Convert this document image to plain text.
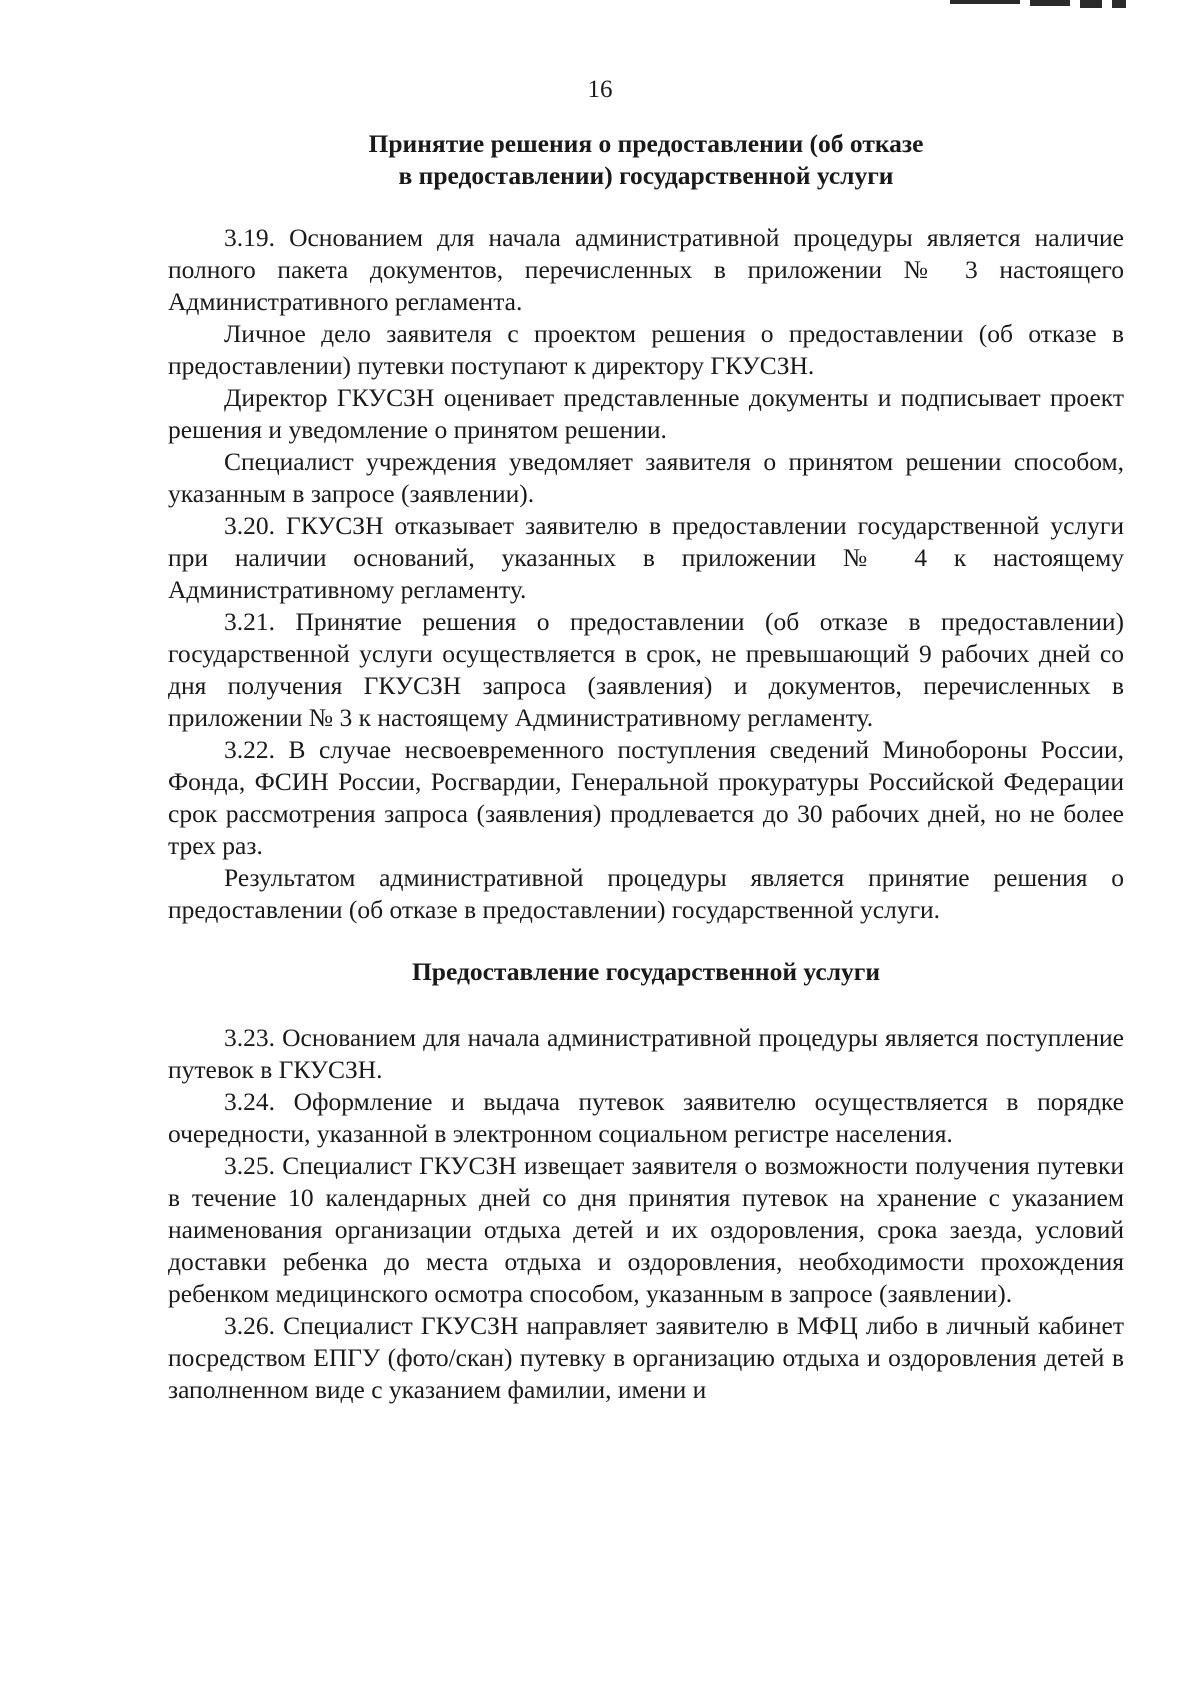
16
Принятие решения о предоставлении (об отказе
в предоставлении) государственной услуги

3.19. Основанием для начала административной процедуры является наличие полного пакета документов, перечисленных в приложении № 3 настоящего Административного регламента.

Личное дело заявителя с проектом решения о предоставлении (об отказе в предоставлении) путевки поступают к директору ГКУСЗН.

Директор ГКУСЗН оценивает представленные документы и подписывает проект решения и уведомление о принятом решении.

Специалист учреждения уведомляет заявителя о принятом решении способом, указанным в запросе (заявлении).

3.20. ГКУСЗН отказывает заявителю в предоставлении государственной услуги при наличии оснований, указанных в приложении № 4 к настоящему Административному регламенту.

3.21. Принятие решения о предоставлении (об отказе в предоставлении) государственной услуги осуществляется в срок, не превышающий 9 рабочих дней со дня получения ГКУСЗН запроса (заявления) и документов, перечисленных в приложении № 3 к настоящему Административному регламенту.

3.22. В случае несвоевременного поступления сведений Минобороны России, Фонда, ФСИН России, Росгвардии, Генеральной прокуратуры Российской Федерации срок рассмотрения запроса (заявления) продлевается до 30 рабочих дней, но не более трех раз.

Результатом административной процедуры является принятие решения о предоставлении (об отказе в предоставлении) государственной услуги.

Предоставление государственной услуги

3.23. Основанием для начала административной процедуры является поступление путевок в ГКУСЗН.

3.24. Оформление и выдача путевок заявителю осуществляется в порядке очередности, указанной в электронном социальном регистре населения.

3.25. Специалист ГКУСЗН извещает заявителя о возможности получения путевки в течение 10 календарных дней со дня принятия путевок на хранение с указанием наименования организации отдыха детей и их оздоровления, срока заезда, условий доставки ребенка до места отдыха и оздоровления, необходимости прохождения ребенком медицинского осмотра способом, указанным в запросе (заявлении).

3.26. Специалист ГКУСЗН направляет заявителю в МФЦ либо в личный кабинет посредством ЕПГУ (фото/скан) путевку в организацию отдыха и оздоровления детей в заполненном виде с указанием фамилии, имени и
